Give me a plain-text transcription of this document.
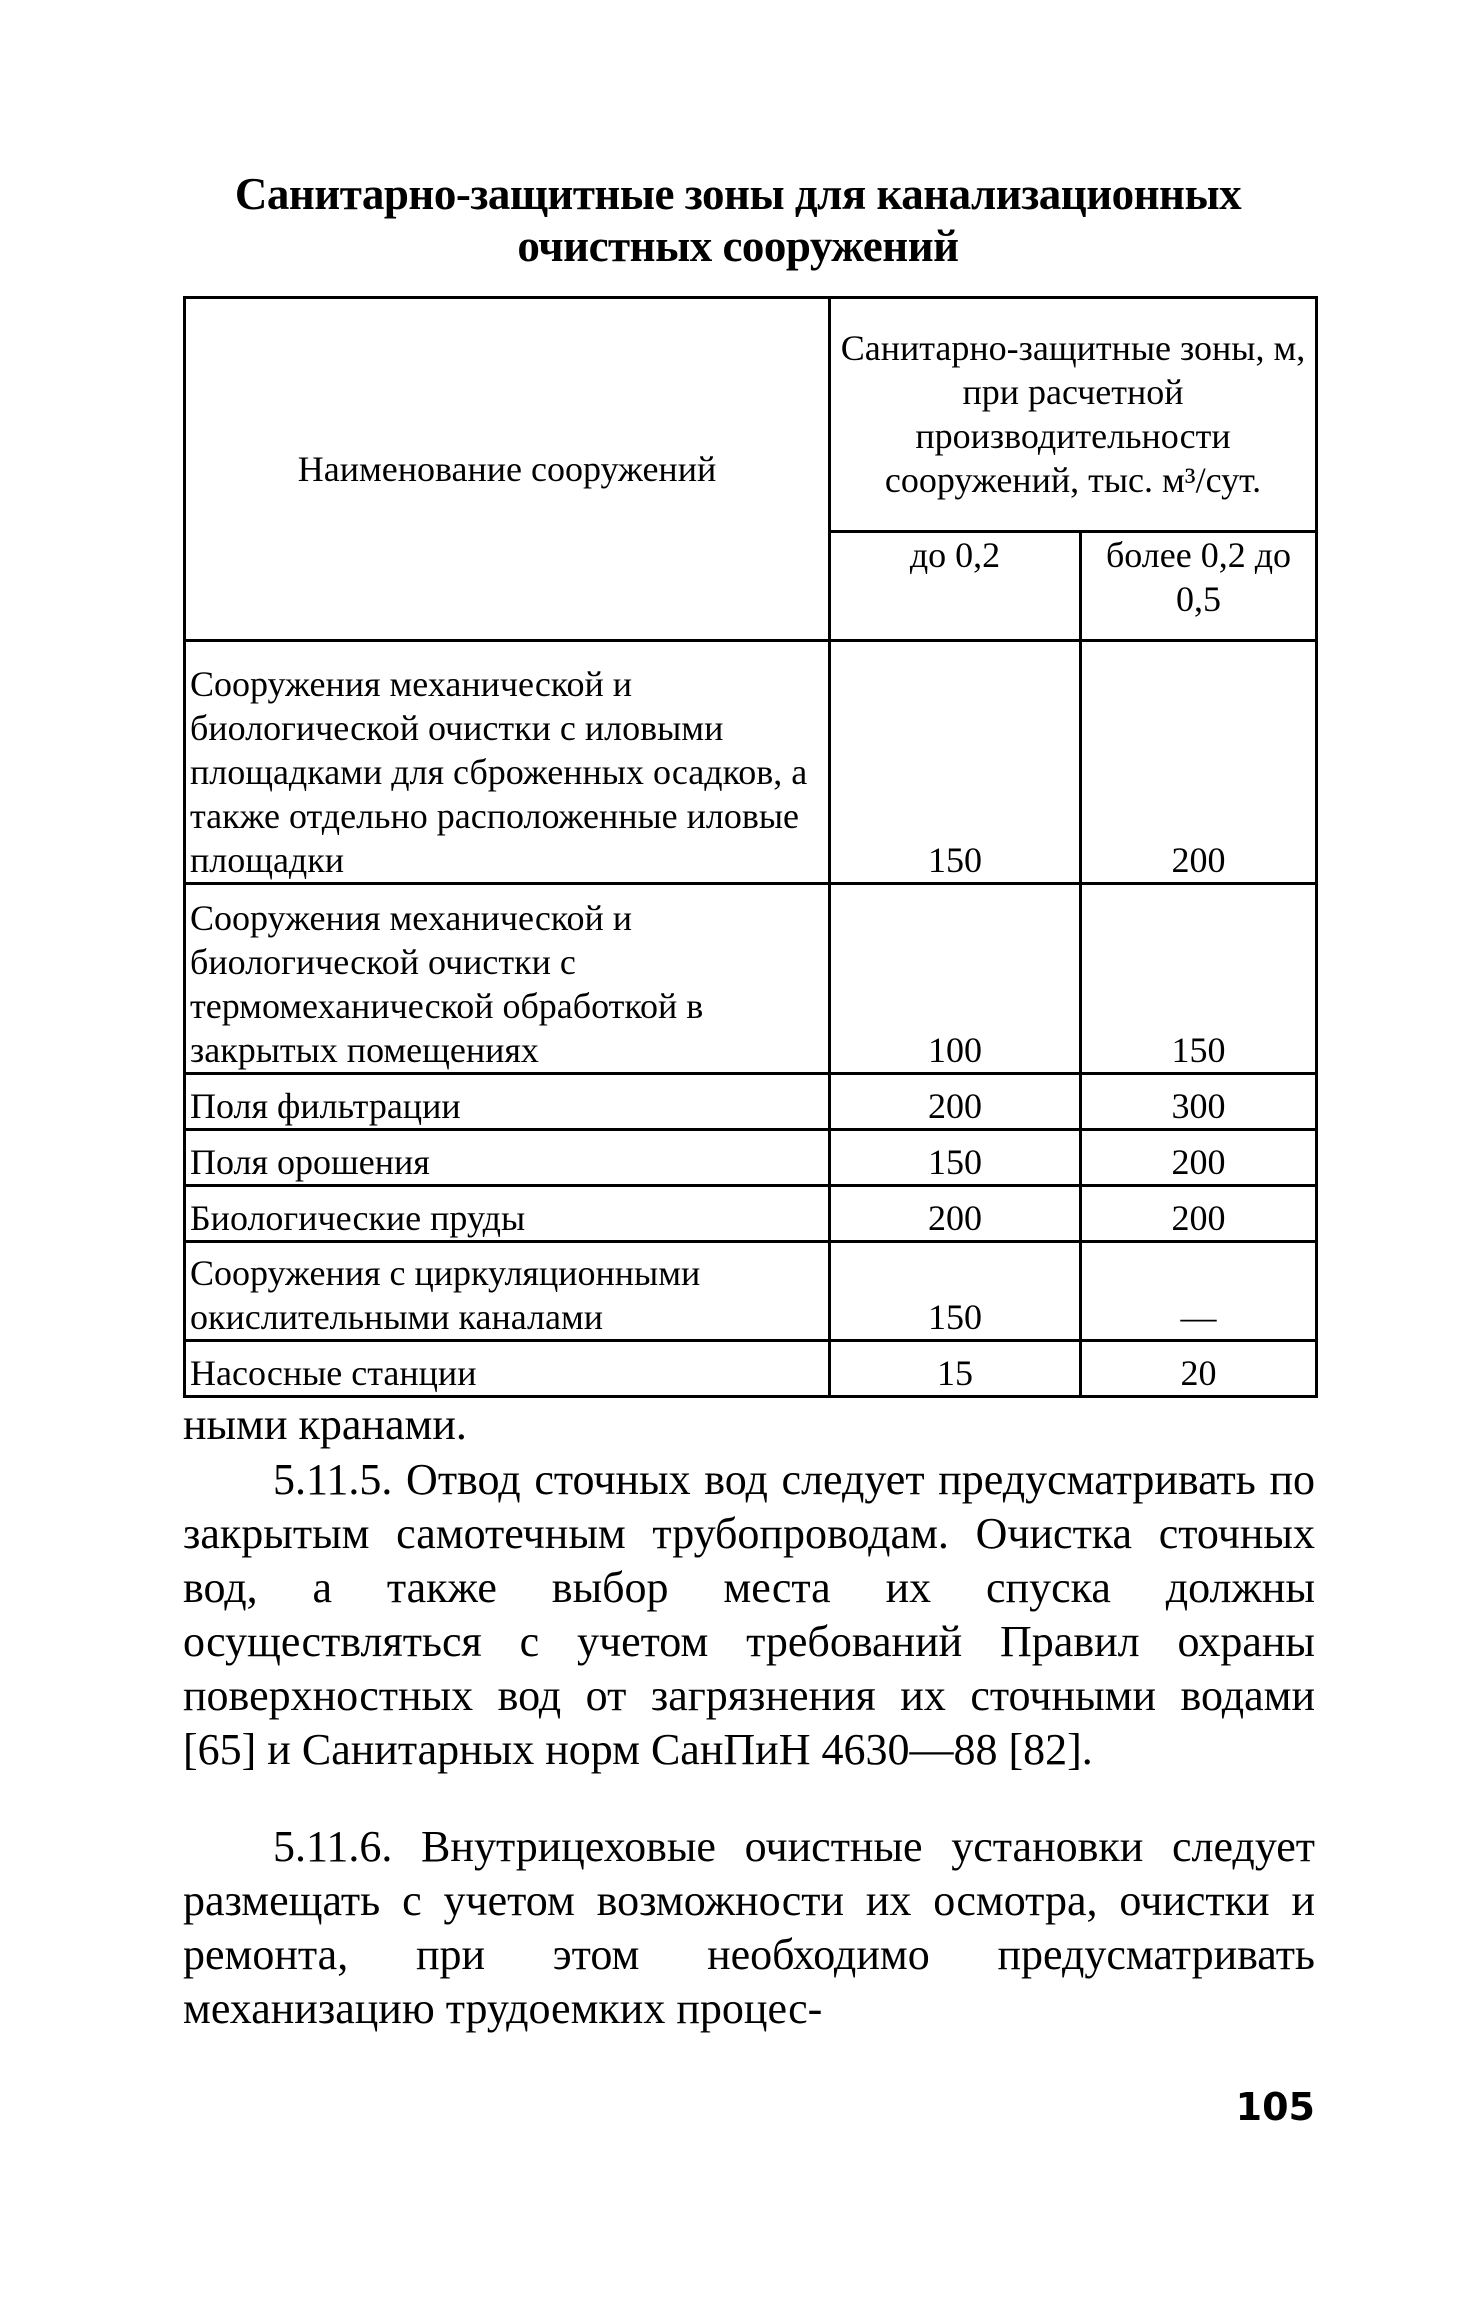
Санитарно-защитные зоны для канализационных очистных сооружений
Наименование сооружений	Санитарно-защитные зоны, м, при расчетной производительности сооружений, тыс. м³/сут.	
	до 0,2	более 0,2 до 0,5
Сооружения механической и биологической очистки с иловыми площадками для сброженных осадков, а также отдельно расположенные иловые площадки	150	200
Сооружения механической и биологической очистки с термомеханической обработкой в закрытых помещениях	100	150
Поля фильтрации	200	300
Поля орошения	150	200
Биологические пруды	200	200
Сооружения с циркуляционными окислительными каналами	150	—
Насосные станции	15	20
ными кранами.
5.11.5. Отвод сточных вод следует предусматривать по закрытым самотечным трубопроводам. Очистка сточных вод, а также выбор места их спуска должны осуществляться с учетом требований Правил охраны поверхностных вод от загрязнения их сточными водами [65] и Санитарных норм СанПиН 4630—88 [82].
5.11.6. Внутрицеховые очистные установки следует размещать с учетом возможности их осмотра, очистки и ремонта, при этом необходимо предусматривать механизацию трудоемких процес-
105
